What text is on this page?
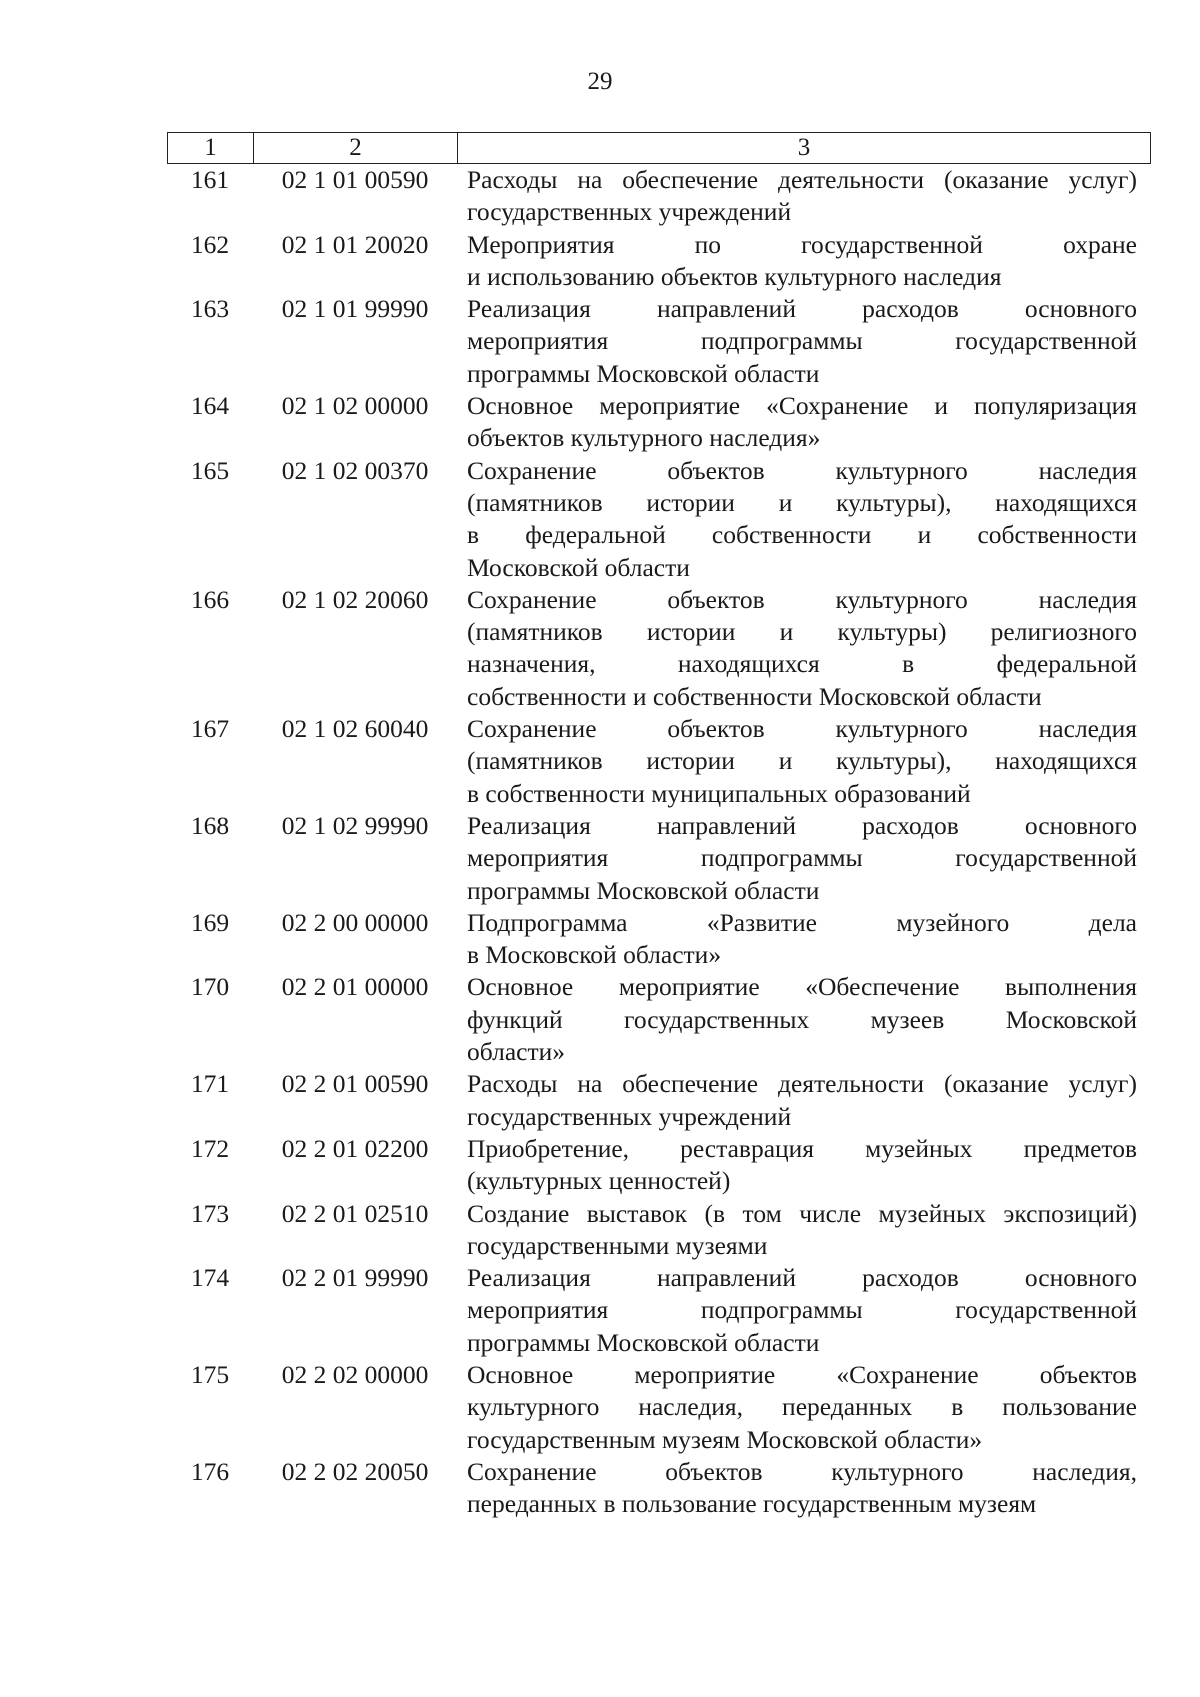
29
1	2	3
161	02 1 01 00590	Расходы на обеспечение деятельности (оказание услуг)
государственных учреждений
162	02 1 01 20020	Мероприятия по государственной охране
и использованию объектов культурного наследия
163	02 1 01 99990	Реализация направлений расходов основного
мероприятия подпрограммы государственной
программы Московской области
164	02 1 02 00000	Основное мероприятие «Сохранение и популяризация
объектов культурного наследия»
165	02 1 02 00370	Сохранение объектов культурного наследия
(памятников истории и культуры), находящихся
в федеральной собственности и собственности
Московской области
166	02 1 02 20060	Сохранение объектов культурного наследия
(памятников истории и культуры) религиозного
назначения, находящихся в федеральной
собственности и собственности Московской области
167	02 1 02 60040	Сохранение объектов культурного наследия
(памятников истории и культуры), находящихся
в собственности муниципальных образований
168	02 1 02 99990	Реализация направлений расходов основного
мероприятия подпрограммы государственной
программы Московской области
169	02 2 00 00000	Подпрограмма «Развитие музейного дела
в Московской области»
170	02 2 01 00000	Основное мероприятие «Обеспечение выполнения
функций государственных музеев Московской
области»
171	02 2 01 00590	Расходы на обеспечение деятельности (оказание услуг)
государственных учреждений
172	02 2 01 02200	Приобретение, реставрация музейных предметов
(культурных ценностей)
173	02 2 01 02510	Создание выставок (в том числе музейных экспозиций)
государственными музеями
174	02 2 01 99990	Реализация направлений расходов основного
мероприятия подпрограммы государственной
программы Московской области
175	02 2 02 00000	Основное мероприятие «Сохранение объектов
культурного наследия, переданных в пользование
государственным музеям Московской области»
176	02 2 02 20050	Сохранение объектов культурного наследия,
переданных в пользование государственным музеям
